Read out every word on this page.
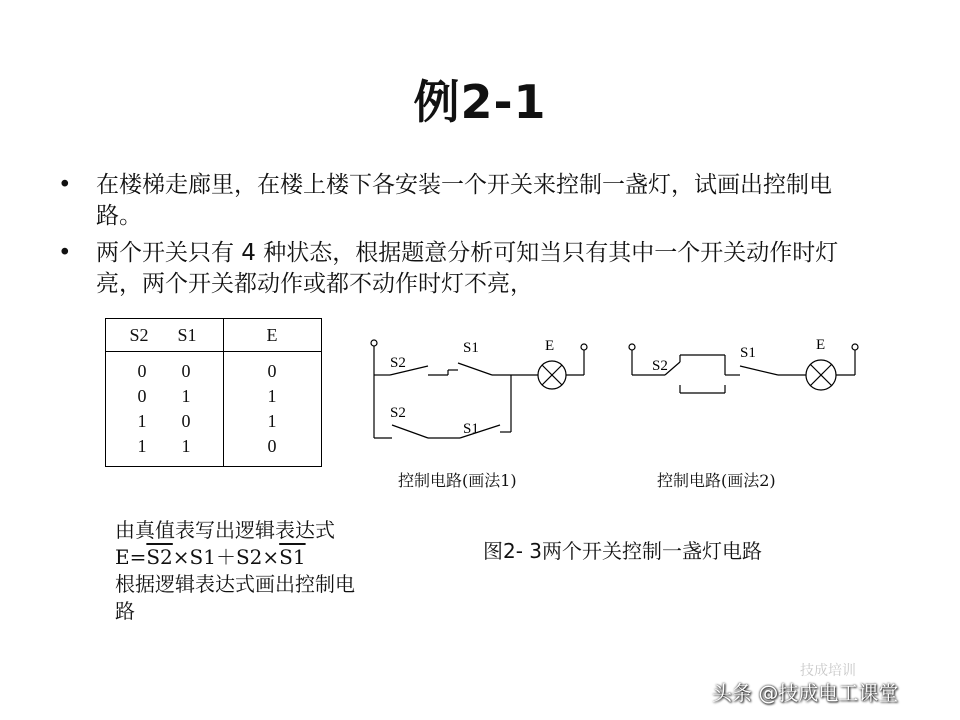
例2-1
•	在楼梯走廊里，在楼上楼下各安装一个开关来控制一盏灯，试画出控制电路。
•	两个开关只有 4 种状态，根据题意分析可知当只有其中一个开关动作时灯亮，两个开关都动作或都不动作时灯不亮，
S2	S1	E
0	0	0
0	1	1
1	0	1
1	1	0
S2
S1	E
S2
S1
S2
S1	E
控制电路(画法1)	控制电路(画法2)
由真值表写出逻辑表达式
E=S2×S1＋S2×S1
根据逻辑表达式画出控制电
路
图2- 3两个开关控制一盏灯电路
技成培训
头条 @技成电工课堂
